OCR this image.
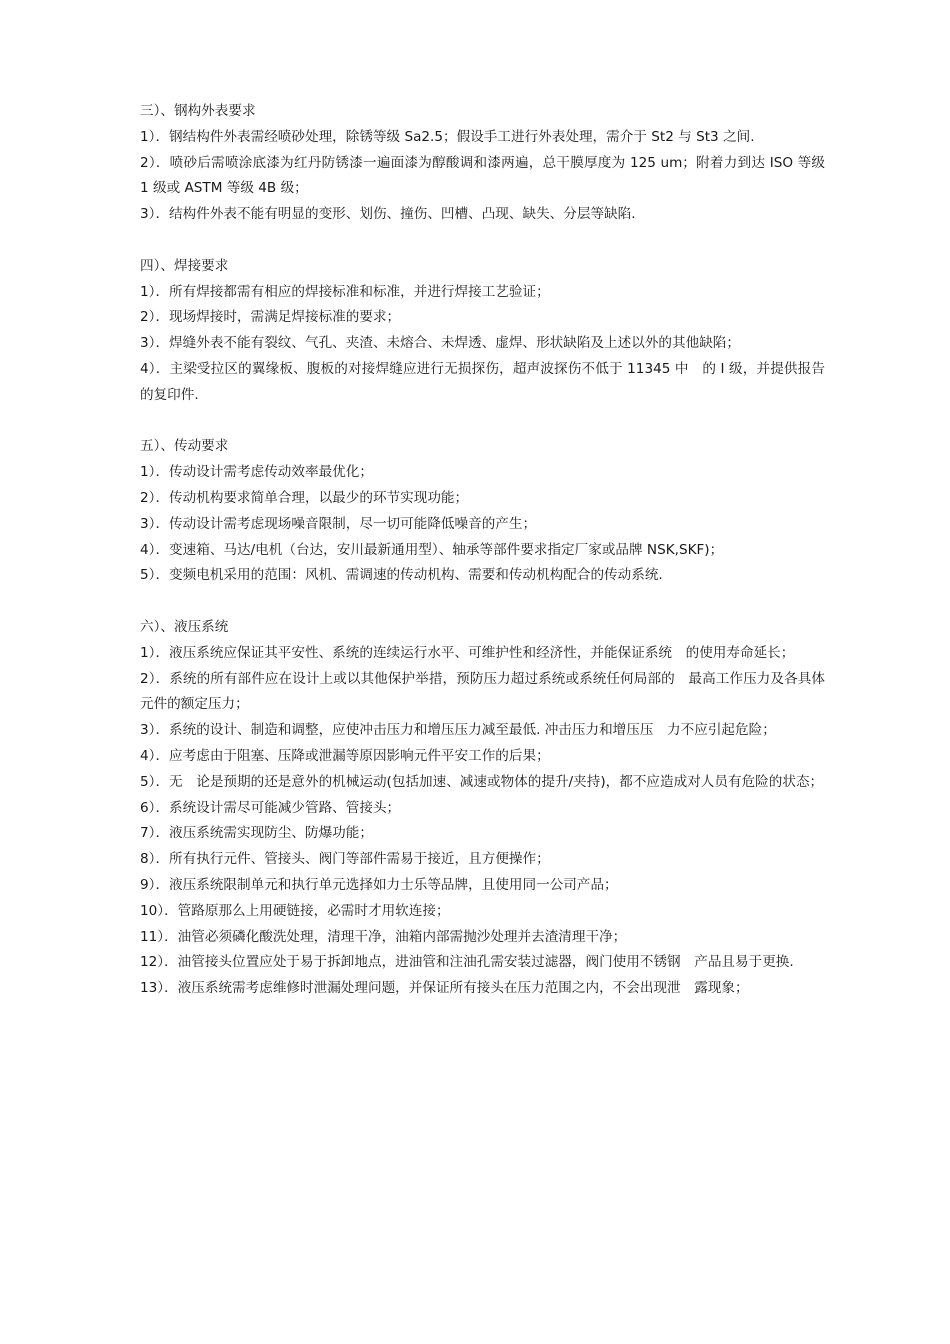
三）、钢构外表要求
1）．钢结构件外表需经喷砂处理，除锈等级 Sa2.5；假设手工进行外表处理，需介于 St2 与 St3 之间.
2）．喷砂后需喷涂底漆为红丹防锈漆一遍面漆为醇酸调和漆两遍，总干膜厚度为 125 um；附着力到达 ISO 等级 1 级或 ASTM 等级 4B 级；
3）．结构件外表不能有明显的变形、划伤、撞伤、凹槽、凸现、缺失、分层等缺陷.
四）、焊接要求
1）．所有焊接都需有相应的焊接标准和标准，并进行焊接工艺验证；
2）．现场焊接时，需满足焊接标准的要求；
3）．焊缝外表不能有裂纹、气孔、夹渣、未熔合、未焊透、虚焊、形状缺陷及上述以外的其他缺陷；
4）．主梁受拉区的翼缘板、腹板的对接焊缝应进行无损探伤，超声波探伤不低于 11345 中　的 I 级，并提供报告的复印件.
五）、传动要求
1）．传动设计需考虑传动效率最优化；
2）．传动机构要求简单合理，以最少的环节实现功能；
3）．传动设计需考虑现场噪音限制，尽一切可能降低噪音的产生；
4）．变速箱、马达/电机（台达，安川最新通用型）、轴承等部件要求指定厂家或品牌 NSK,SKF)；
5）．变频电机采用的范围：风机、需调速的传动机构、需要和传动机构配合的传动系统.
六）、液压系统
1）．液压系统应保证其平安性、系统的连续运行水平、可维护性和经济性，并能保证系统　的使用寿命延长；
2）．系统的所有部件应在设计上或以其他保护举措，预防压力超过系统或系统任何局部的　最高工作压力及各具体元件的额定压力；
3）．系统的设计、制造和调整，应使冲击压力和增压压力减至最低. 冲击压力和增压压　力不应引起危险；
4）．应考虑由于阻塞、压降或泄漏等原因影响元件平安工作的后果；
5）．无　论是预期的还是意外的机械运动(包括加速、减速或物体的提升/夹持)，都不应造成对人员有危险的状态；
6）．系统设计需尽可能减少管路、管接头；
7）．液压系统需实现防尘、防爆功能；
8）．所有执行元件、管接头、阀门等部件需易于接近，且方便操作；
9）．液压系统限制单元和执行单元选择如力士乐等品牌，且使用同一公司产品；
10）．管路原那么上用硬链接，必需时才用软连接；
11）．油管必须磷化酸洗处理，清理干净，油箱内部需抛沙处理并去渣清理干净；
12）．油管接头位置应处于易于拆卸地点，进油管和注油孔需安装过滤器，阀门使用不锈钢　产品且易于更换.
13）．液压系统需考虑维修时泄漏处理问题，并保证所有接头在压力范围之内，不会出现泄　露现象；
